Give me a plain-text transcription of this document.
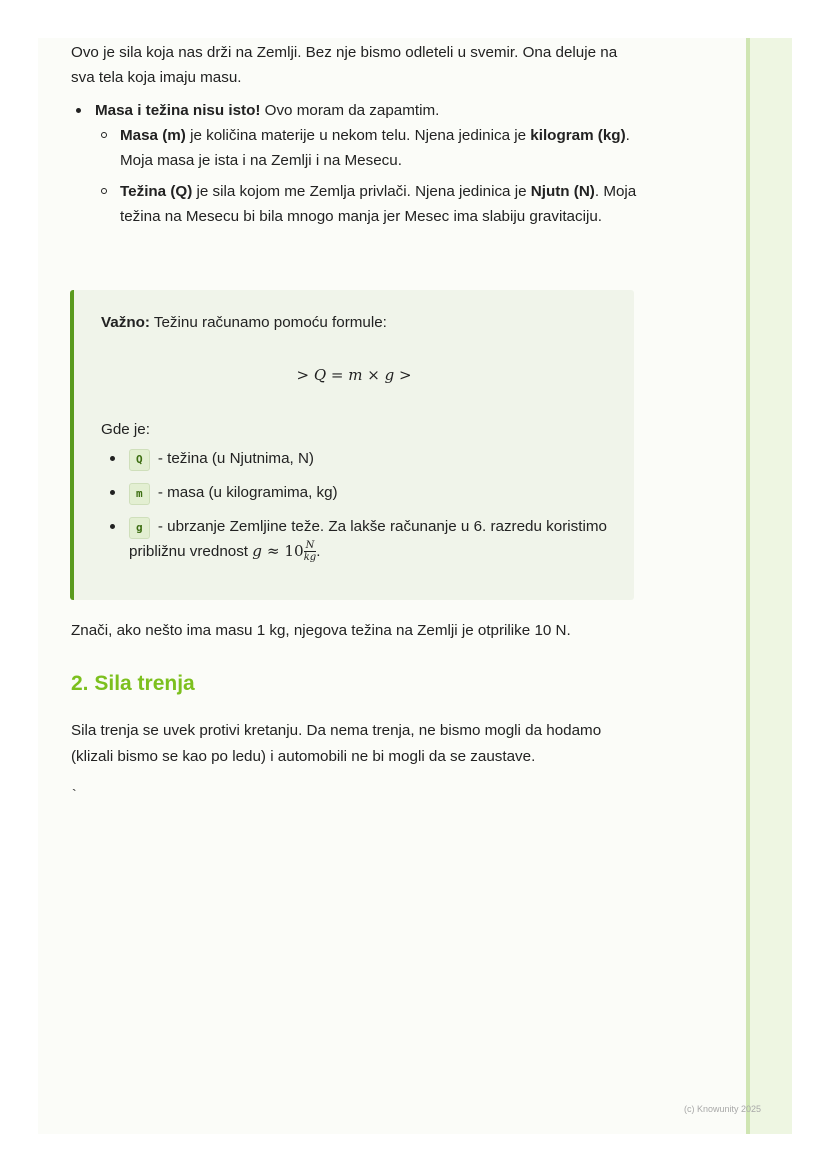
Ovo je sila koja nas drži na Zemlji. Bez nje bismo odleteli u svemir. Ona deluje na sva tela koja imaju masu.

Masa i težina nisu isto! Ovo moram da zapamtim.
Masa (m) je količina materije u nekom telu. Njena jedinica je kilogram (kg). Moja masa je ista i na Zemlji i na Mesecu.
Težina (Q) je sila kojom me Zemlja privlači. Njena jedinica je Njutn (N). Moja težina na Mesecu bi bila mnogo manja jer Mesec ima slabiju gravitaciju.
Važno: Težinu računamo pomoću formule:
> Q = m × g >
Gde je:
Q - težina (u Njutnima, N)
m - masa (u kilogramima, kg)
g - ubrzanje Zemljine teže. Za lakše računanje u 6. razredu koristimo približnu vrednost $g \approx 10 \frac{N}{kg}$ .

Znači, ako nešto ima masu 1 kg, njegova težina na Zemlji je otprilike 10 N.

2. Sila trenja

Sila trenja se uvek protivi kretanju. Da nema trenja, ne bismo mogli da hodamo (klizali bismo se kao po ledu) i automobili ne bi mogli da se zaustave.

`
(c) Knowunity 2025
